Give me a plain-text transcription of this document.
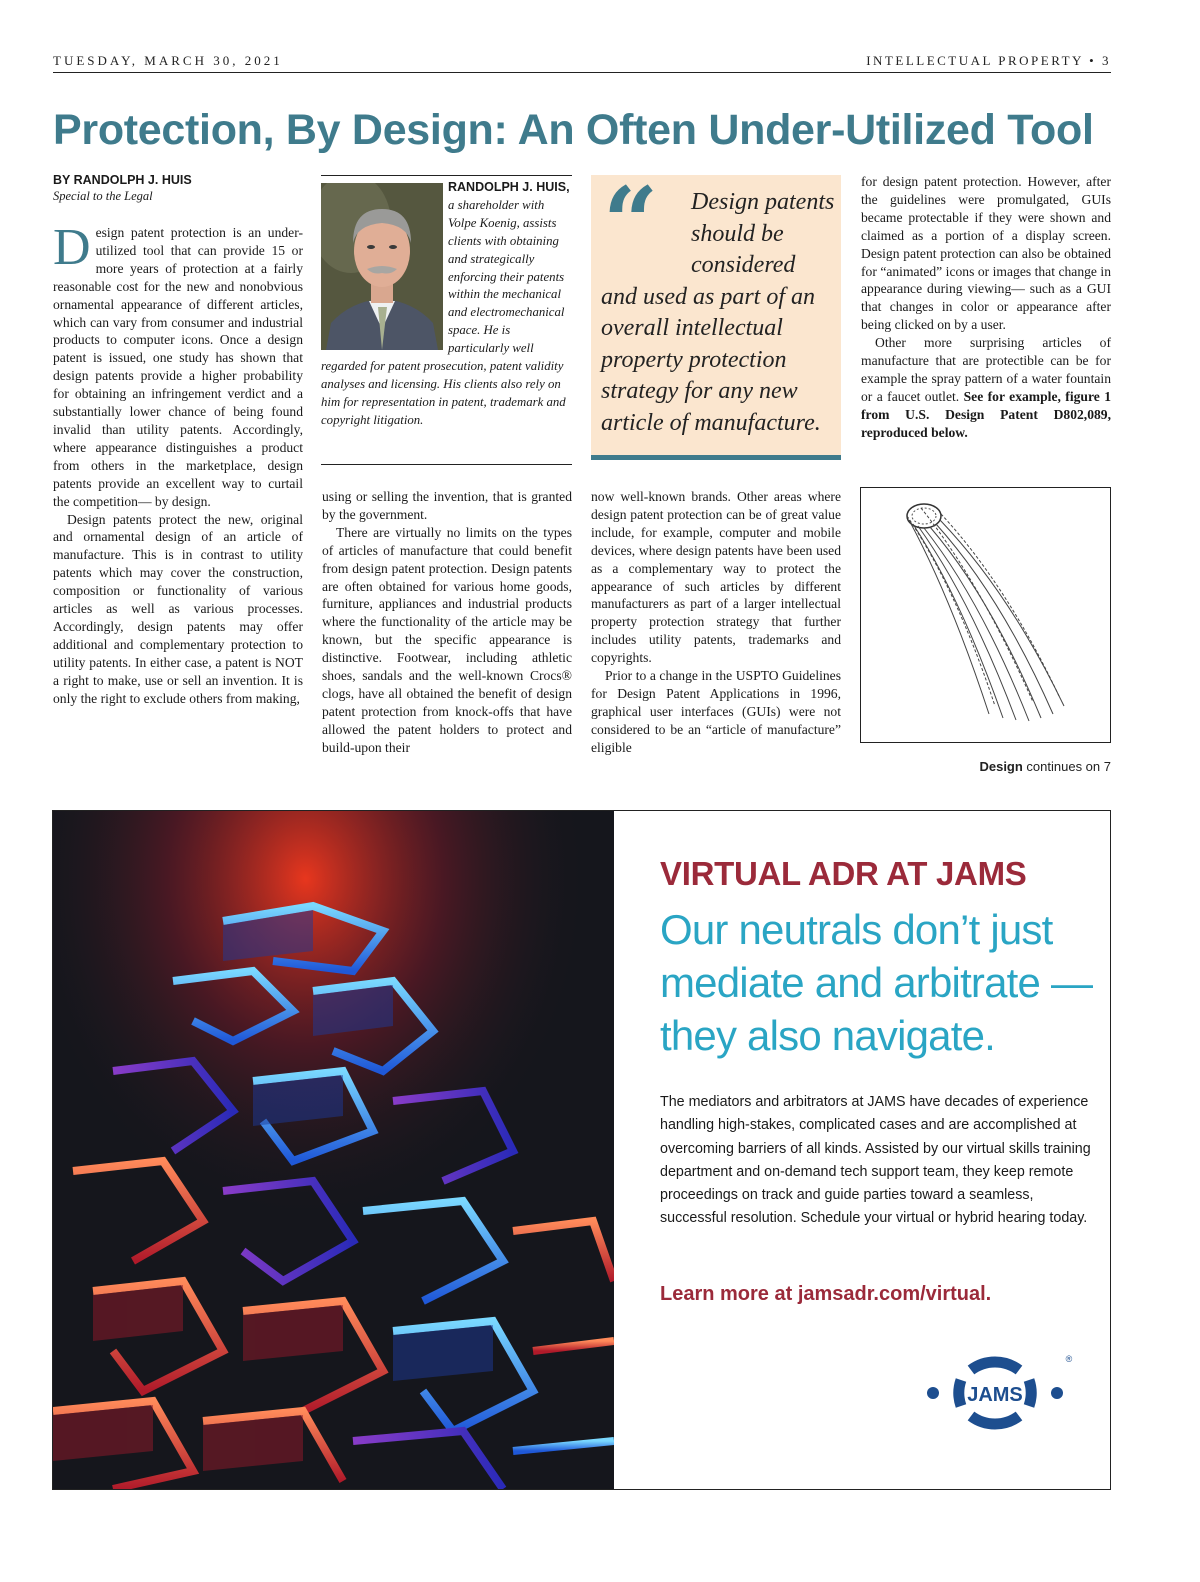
TUESDAY, MARCH 30, 2021	INTELLECTUAL PROPERTY • 3
Protection, By Design: An Often Under-Utilized Tool
BY RANDOLPH J. HUIS
Special to the Legal
D esign patent protection is an under-utilized tool that can provide 15 or more years of protection at a fairly reasonable cost for the new and nonobvious ornamental appearance of different articles, which can vary from consumer and industrial products to computer icons. Once a design patent is issued, one study has shown that design patents provide a higher probability for obtaining an infringement verdict and a substantially lower chance of being found invalid than utility patents. Accordingly, where appearance distinguishes a product from others in the marketplace, design patents provide an excellent way to curtail the competition— by design.

Design patents protect the new, original and ornamental design of an article of manufacture. This is in contrast to utility patents which may cover the construction, composition or functionality of various articles as well as various processes. Accordingly, design patents may offer additional and complementary protection to utility patents. In either case, a patent is NOT a right to make, use or sell an invention. It is only the right to exclude others from making,

RANDOLPH J. HUIS, a shareholder with Volpe Koenig, assists clients with obtaining and strategically enforcing their patents within the mechanical and electromechanical space. He is particularly well regarded for patent prosecution, patent validity analyses and licensing. His clients also rely on him for representation in patent, trademark and copyright litigation.
“	Design patents should be considered and used as part of an overall intellectual property protection strategy for any new article of manufacture.

for design patent protection. However, after the guidelines were promulgated, GUIs became protectable if they were shown and claimed as a portion of a display screen. Design patent protection can also be obtained for “animated” icons or images that change in appearance during viewing— such as a GUI that changes in color or appearance after being clicked on by a user.

Other more surprising articles of manufacture that are protectible can be for example the spray pattern of a water fountain or a faucet outlet. See for example, figure 1 from U.S. Design Patent D802,089, reproduced below.

using or selling the invention, that is granted by the government.

There are virtually no limits on the types of articles of manufacture that could benefit from design patent protection. Design patents are often obtained for various home goods, furniture, appliances and industrial products where the functionality of the article may be known, but the specific appearance is distinctive. Footwear, including athletic shoes, sandals and the well-known Crocs® clogs, have all obtained the benefit of design patent protection from knock-offs that have allowed the patent holders to protect and build-upon their

now well-known brands. Other areas where design patent protection can be of great value include, for example, computer and mobile devices, where design patents have been used as a complementary way to protect the appearance of such articles by different manufacturers as part of a larger intellectual property protection strategy that further includes utility patents, trademarks and copyrights.

Prior to a change in the USPTO Guidelines for Design Patent Applications in 1996, graphical user interfaces (GUIs) were not considered to be an “article of manufacture” eligible

Design continues on 7
VIRTUAL ADR AT JAMS
Our neutrals don’t just
mediate and arbitrate —
they also navigate.
The mediators and arbitrators at JAMS have decades of experience handling high-stakes, complicated cases and are accomplished at overcoming barriers of all kinds. Assisted by our virtual skills training department and on-demand tech support team, they keep remote proceedings on track and guide parties toward a seamless, successful resolution. Schedule your virtual or hybrid hearing today.
Learn more at jamsadr.com/virtual.
JAMS
®
